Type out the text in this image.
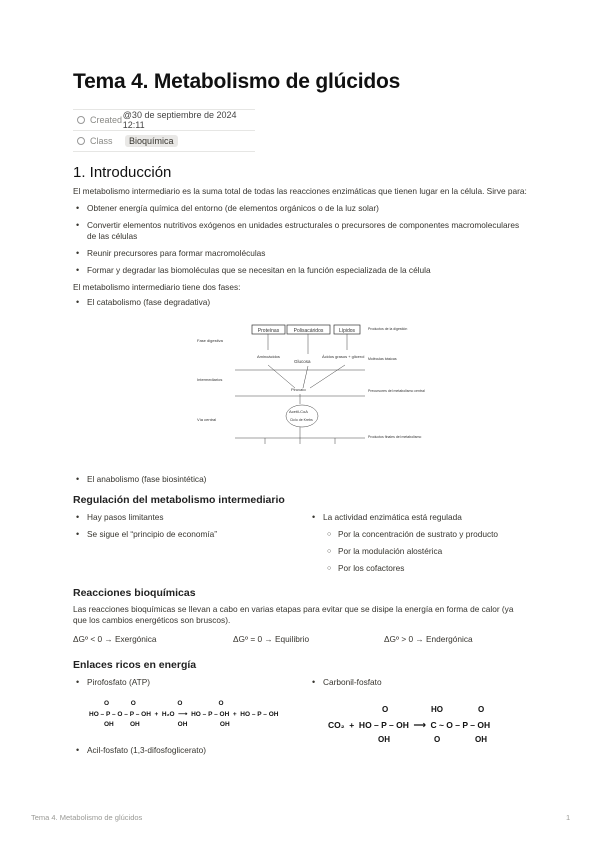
Tema 4. Metabolismo de glúcidos
Created @30 de septiembre de 2024 12:11
Class	Bioquímica
1. Introducción
El metabolismo intermediario es la suma total de todas las reacciones enzimáticas que tienen lugar en la célula. Sirve para:
• Obtener energía química del entorno (de elementos orgánicos o de la luz solar)
• Convertir elementos nutritivos exógenos en unidades estructurales o precursores de componentes macromoleculares
de las células
• Reunir precursores para formar macromoléculas
• Formar y degradar las biomoléculas que se necesitan en la función especializada de la célula
El metabolismo intermediario tiene dos fases:
• El catabolismo (fase degradativa)
Proteínas	Polisacáridos	Lípidos
Fase digestiva
Intermediarios
Vía central
Aminoácidos
Glucosa
Ácidos grasos + glicerol
Piruvato
Acetil-CoA
Ciclo de Krebs
Productos de la digestión
Moléculas básicas
Precursores del metabolismo central
Productos finales del metabolismo
• El anabolismo (fase biosintética)
Regulación del metabolismo intermediario
• Hay pasos limitantes
• Se sigue el “principio de economía”
• La actividad enzimática está regulada
○ Por la concentración de sustrato y producto
○ Por la modulación alostérica
○ Por los cofactores
Reacciones bioquímicas
Las reacciones bioquímicas se llevan a cabo en varias etapas para evitar que se disipe la energía en forma de calor (ya
que los cambios energéticos son bruscos).
ΔGº < 0 → Exergónica	ΔGº = 0 → Equilibrio	ΔGº > 0 → Endergónica
Enlaces ricos en energía
• Pirofosfato (ATP)
•	Carbonil-fosfato
O            O                       O                    O
HO – P – O – P – OH  +  H₂O  ⟶  HO – P – OH  +  HO – P – OH
OH         OH                     OH                  OH
O	HO	O
CO₂  +  HO – P – OH  ⟶  C ~ O – P – OH
OH	O	OH
• Acil-fosfato (1,3-difosfoglicerato)
Tema 4. Metabolismo de glúcidos	1
